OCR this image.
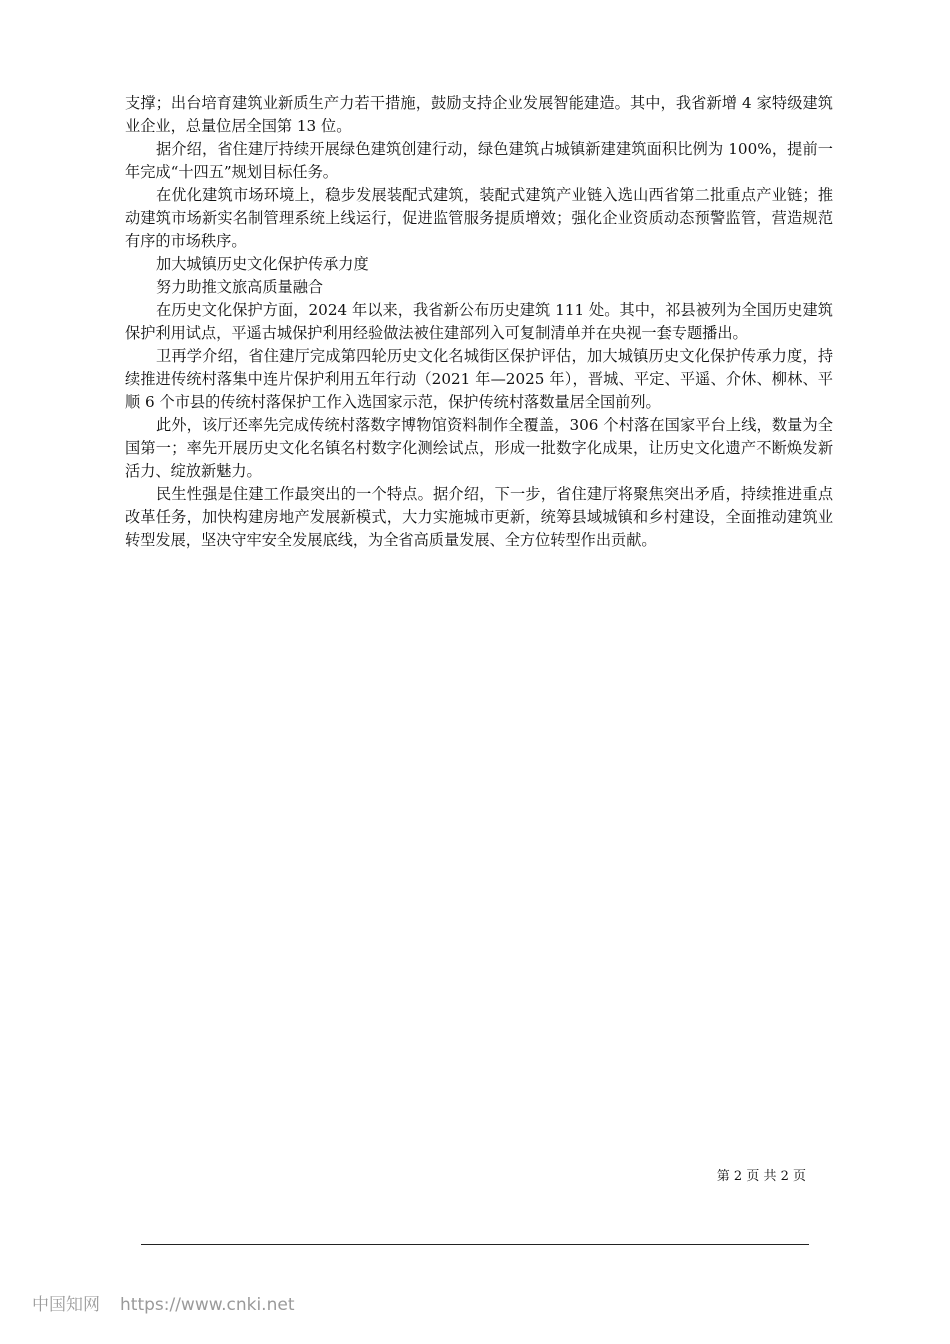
支撑；出台培育建筑业新质生产力若干措施，鼓励支持企业发展智能建造。其中，我省新增 4 家特级建筑业企业，总量位居全国第 13 位。

据介绍，省住建厅持续开展绿色建筑创建行动，绿色建筑占城镇新建建筑面积比例为 100%，提前一年完成“十四五”规划目标任务。

在优化建筑市场环境上，稳步发展装配式建筑，装配式建筑产业链入选山西省第二批重点产业链；推动建筑市场新实名制管理系统上线运行，促进监管服务提质增效；强化企业资质动态预警监管，营造规范有序的市场秩序。

加大城镇历史文化保护传承力度

努力助推文旅高质量融合

在历史文化保护方面，2024 年以来，我省新公布历史建筑 111 处。其中，祁县被列为全国历史建筑保护利用试点，平遥古城保护利用经验做法被住建部列入可复制清单并在央视一套专题播出。

卫再学介绍，省住建厅完成第四轮历史文化名城街区保护评估，加大城镇历史文化保护传承力度，持续推进传统村落集中连片保护利用五年行动（2021 年—2025 年），晋城、平定、平遥、介休、柳林、平顺 6 个市县的传统村落保护工作入选国家示范，保护传统村落数量居全国前列。

此外，该厅还率先完成传统村落数字博物馆资料制作全覆盖，306 个村落在国家平台上线，数量为全国第一；率先开展历史文化名镇名村数字化测绘试点，形成一批数字化成果，让历史文化遗产不断焕发新活力、绽放新魅力。

民生性强是住建工作最突出的一个特点。据介绍，下一步，省住建厅将聚焦突出矛盾，持续推进重点改革任务，加快构建房地产发展新模式，大力实施城市更新，统筹县域城镇和乡村建设，全面推动建筑业转型发展，坚决守牢安全发展底线，为全省高质量发展、全方位转型作出贡献。

第 2 页 共 2 页
中国知网 https://www.cnki.net
